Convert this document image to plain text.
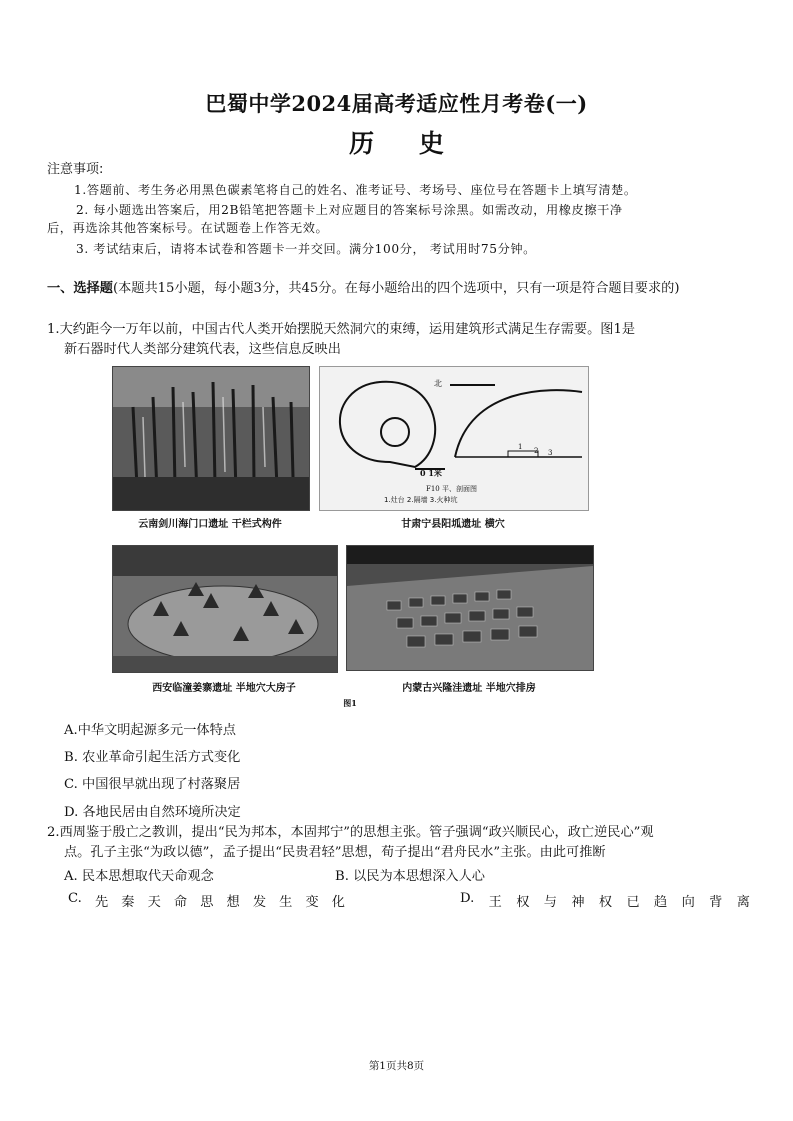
巴蜀中学2024届高考适应性月考卷(一)
历 史
注意事项:
1.答题前、考生务必用黑色碳素笔将自己的姓名、准考证号、考场号、座位号在答题卡上填写清楚。
2. 每小题选出答案后，用2B铅笔把答题卡上对应题目的答案标号涂黑。如需改动，用橡皮擦干净
后，再选涂其他答案标号。在试题卷上作答无效。
3. 考试结束后，请将本试卷和答题卡一并交回。满分100分， 考试用时75分钟。
一、选择题(本题共15小题，每小题3分，共45分。在每小题给出的四个选项中，只有一项是符合题目要求的)
1.大约距今一万年以前，中国古代人类开始摆脱天然洞穴的束缚，运用建筑形式满足生存需要。图1是
新石器时代人类部分建筑代表，这些信息反映出
北
1 2 3
0 1米
F10 平、剖面图
1.灶台 2.隔墙 3.火种坑
云南剑川海门口遗址 干栏式构件	甘肃宁县阳坬遗址 横穴
西安临潼姜寨遗址 半地穴大房子	内蒙古兴隆洼遗址 半地穴排房
图1
A.中华文明起源多元一体特点
B. 农业革命引起生活方式变化
C. 中国很早就出现了村落聚居
D. 各地民居由自然环境所决定
2.西周鉴于殷亡之教训，提出“民为邦本，本固邦宁”的思想主张。管子强调“政兴顺民心，政亡逆民心”观
点。孔子主张“为政以德”，孟子提出“民贵君轻”思想，荀子提出“君舟民水”主张。由此可推断
A. 民本思想取代天命观念	B. 以民为本思想深入人心
C. 先 秦 天 命 思 想 发 生 变 化	D. 王 权 与 神 权 已 趋 向 背 离
第1页共8页
